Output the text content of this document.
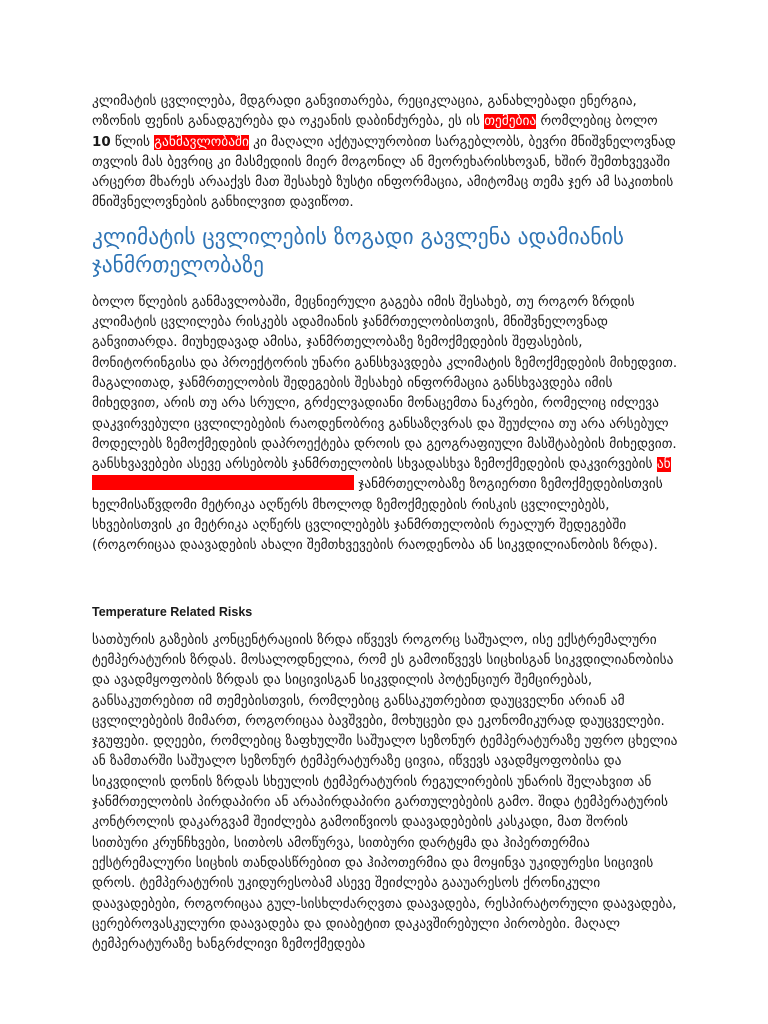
კლიმატის ცვლილება, მდგრადი განვითარება, რეციკლაცია, განახლებადი ენერგია, ოზონის ფენის განადგურება და ოკეანის დაბინძურება, ეს ის თემებია რომლებიც ბოლო 10 წლის განმავლობაში კი მაღალი აქტუალურობით სარგებლობს, ბევრი მნიშვნელოვნად თვლის მას ბევრიც კი მასმედიის მიერ მოგონილ ან მეორეხარისხოვან, ხშირ შემთხვევაში არცერთ მხარეს არააქვს მათ შესახებ ზუსტი ინფორმაცია, ამიტომაც თემა ჯერ ამ საკითხის მნიშვნელოვნების განხილვით დავიწოთ.

კლიმატის ცვლილების ზოგადი გავლენა ადამიანის ჯანმრთელობაზე

ბოლო წლების განმავლობაში, მეცნიერული გაგება იმის შესახებ, თუ როგორ ზრდის კლიმატის ცვლილება რისკებს ადამიანის ჯანმრთელობისთვის, მნიშვნელოვნად განვითარდა. მიუხედავად ამისა, ჯანმრთელობაზე ზემოქმედების შეფასების, მონიტორინგისა და პროექტორის უნარი განსხვავდება კლიმატის ზემოქმედების მიხედვით. მაგალითად, ჯანმრთელობის შედეგების შესახებ ინფორმაცია განსხვავდება იმის მიხედვით, არის თუ არა სრული, გრძელვადიანი მონაცემთა ნაკრები, რომელიც იძლევა დაკვირვებული ცვლილებების რაოდენობრივ განსაზღვრას და შეუძლია თუ არა არსებულ მოდელებს ზემოქმედების დაპროექტება დროის და გეოგრაფიული მასშტაბების მიხედვით. განსხვავებები ასევე არსებობს ჯანმრთელობის სხვადასხვა ზემოქმედების დაკვირვების ან ჯანმრთელობაზე ზოგიერთი ზემოქმედებისთვის ხელმისაწვდომი მეტრიკა აღწერს მხოლოდ ზემოქმედების რისკის ცვლილებებს, სხვებისთვის კი მეტრიკა აღწერს ცვლილებებს ჯანმრთელობის რეალურ შედეგებში (როგორიცაა დაავადების ახალი შემთხვევების რაოდენობა ან სიკვდილიანობის ზრდა).

Temperature Related Risks

სათბურის გაზების კონცენტრაციის ზრდა იწვევს როგორც საშუალო, ისე ექსტრემალური ტემპერატურის ზრდას. მოსალოდნელია, რომ ეს გამოიწვევს სიცხისგან სიკვდილიანობისა და ავადმყოფობის ზრდას და სიცივისგან სიკვდილის პოტენციურ შემცირებას, განსაკუთრებით იმ თემებისთვის, რომლებიც განსაკუთრებით დაუცველნი არიან ამ ცვლილებების მიმართ, როგორიცაა ბავშვები, მოხუცები და ეკონომიკურად დაუცველები. ჯგუფები. დღეები, რომლებიც ზაფხულში საშუალო სეზონურ ტემპერატურაზე უფრო ცხელია ან ზამთარში საშუალო სეზონურ ტემპერატურაზე ცივია, იწვევს ავადმყოფობისა და სიკვდილის დონის ზრდას სხეულის ტემპერატურის რეგულირების უნარის შელახვით ან ჯანმრთელობის პირდაპირი ან არაპირდაპირი გართულებების გამო. შიდა ტემპერატურის კონტროლის დაკარგვამ შეიძლება გამოიწვიოს დაავადებების კასკადი, მათ შორის სითბური კრუნჩხვები, სითბოს ამოწურვა, სითბური დარტყმა და ჰიპერთერმია ექსტრემალური სიცხის თანდასწრებით და ჰიპოთერმია და მოყინვა უკიდურესი სიცივის დროს. ტემპერატურის უკიდურესობამ ასევე შეიძლება გააუარესოს ქრონიკული დაავადებები, როგორიცაა გულ-სისხლძარღვთა დაავადება, რესპირატორული დაავადება, ცერებროვასკულური დაავადება და დიაბეტით დაკავშირებული პირობები. მაღალ ტემპერატურაზე ხანგრძლივი ზემოქმედება
